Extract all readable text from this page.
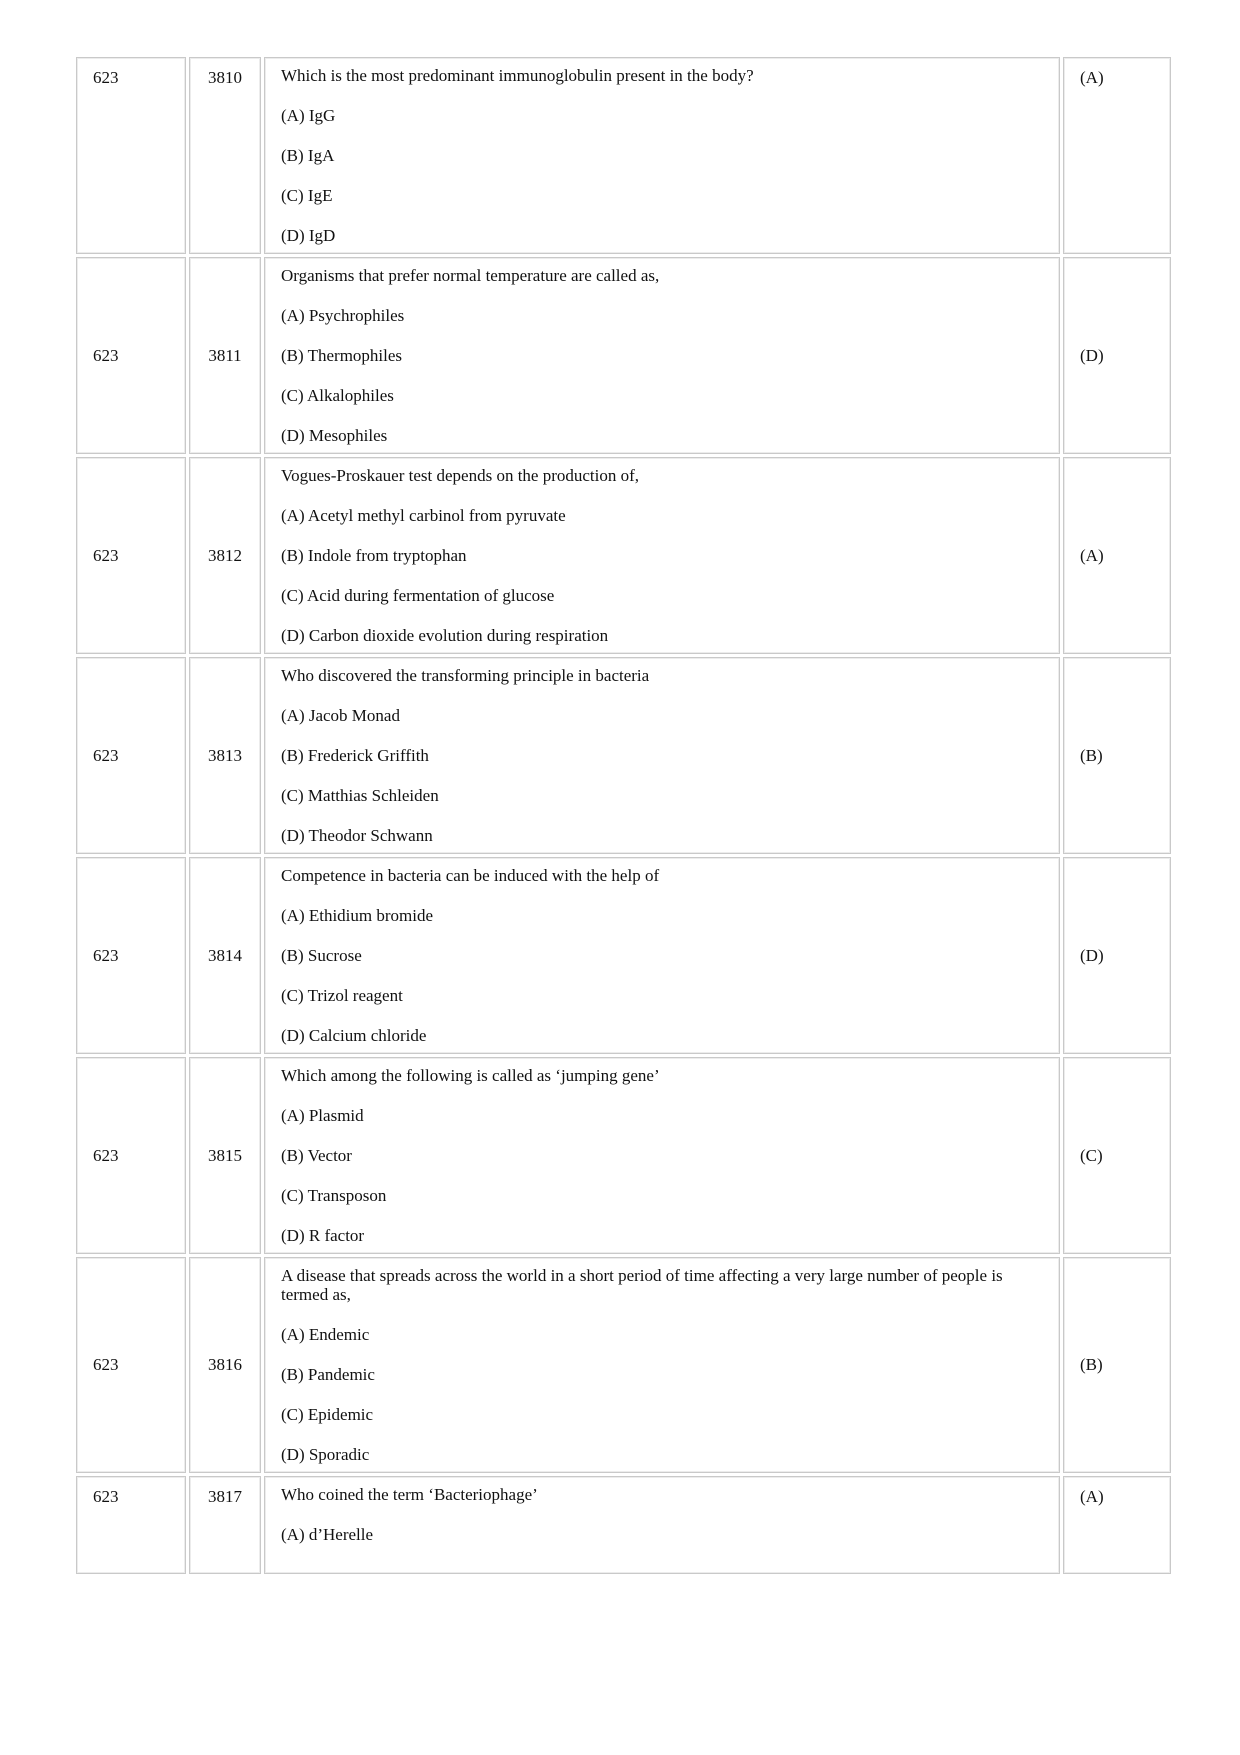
623	3810	Which is the most predominant immunoglobulin present in the body?

(A) IgG

(B) IgA

(C) IgE

(D) IgD	(A)
623	3811	Organisms that prefer normal temperature are called as,

(A) Psychrophiles

(B) Thermophiles

(C) Alkalophiles

(D) Mesophiles	(D)
623	3812	Vogues-Proskauer test depends on the production of,

(A) Acetyl methyl carbinol from pyruvate

(B) Indole from tryptophan

(C) Acid during fermentation of glucose

(D) Carbon dioxide evolution during respiration	(A)
623	3813	Who discovered the transforming principle in bacteria

(A) Jacob Monad

(B) Frederick Griffith

(C) Matthias Schleiden

(D) Theodor Schwann	(B)
623	3814	Competence in bacteria can be induced with the help of

(A) Ethidium bromide

(B) Sucrose

(C) Trizol reagent

(D) Calcium chloride	(D)
623	3815	Which among the following is called as ‘jumping gene’

(A) Plasmid

(B) Vector

(C) Transposon

(D) R factor	(C)
623	3816	A disease that spreads across the world in a short period of time affecting a very large number of people is termed as,

(A) Endemic

(B) Pandemic

(C) Epidemic

(D) Sporadic	(B)
623	3817	Who coined the term ‘Bacteriophage’

(A) d’Herelle	(A)
